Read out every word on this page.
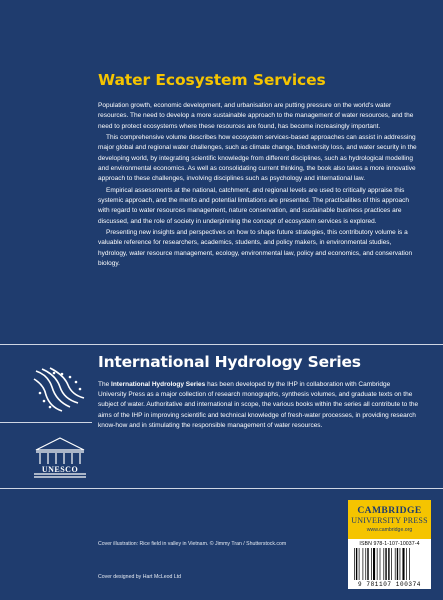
Water Ecosystem Services

Population growth, economic development, and urbanisation are putting pressure on the world's water resources. The need to develop a more sustainable approach to the management of water resources, and the need to protect ecosystems where these resources are found, has become increasingly important.

This comprehensive volume describes how ecosystem services-based approaches can assist in addressing major global and regional water challenges, such as climate change, biodiversity loss, and water security in the developing world, by integrating scientific knowledge from different disciplines, such as hydrological modelling and environmental economics. As well as consolidating current thinking, the book also takes a more innovative approach to these challenges, involving disciplines such as psychology and international law.

Empirical assessments at the national, catchment, and regional levels are used to critically appraise this systemic approach, and the merits and potential limitations are presented. The practicalities of this approach with regard to water resources management, nature conservation, and sustainable business practices are discussed, and the role of society in underpinning the concept of ecosystem services is explored.

Presenting new insights and perspectives on how to shape future strategies, this contributory volume is a valuable reference for researchers, academics, students, and policy makers, in environmental studies, hydrology, water resource management, ecology, environmental law, policy and economics, and conservation biology.

International Hydrology Series
The International Hydrology Series has been developed by the IHP in collaboration with Cambridge University Press as a major collection of research monographs, synthesis volumes, and graduate texts on the subject of water. Authoritative and international in scope, the various books within the series all contribute to the aims of the IHP in improving scientific and technical knowledge of fresh-water processes, in providing research know-how and in stimulating the responsible management of water resources.
UNESCO
CAMBRIDGE
UNIVERSITY PRESS
www.cambridge.org
ISBN 978-1-107-10037-4
9 781107 100374
Cover illustration: Rice field in valley in Vietnam. © Jimmy Tran / Shutterstock.com
Cover designed by Hart McLeod Ltd
